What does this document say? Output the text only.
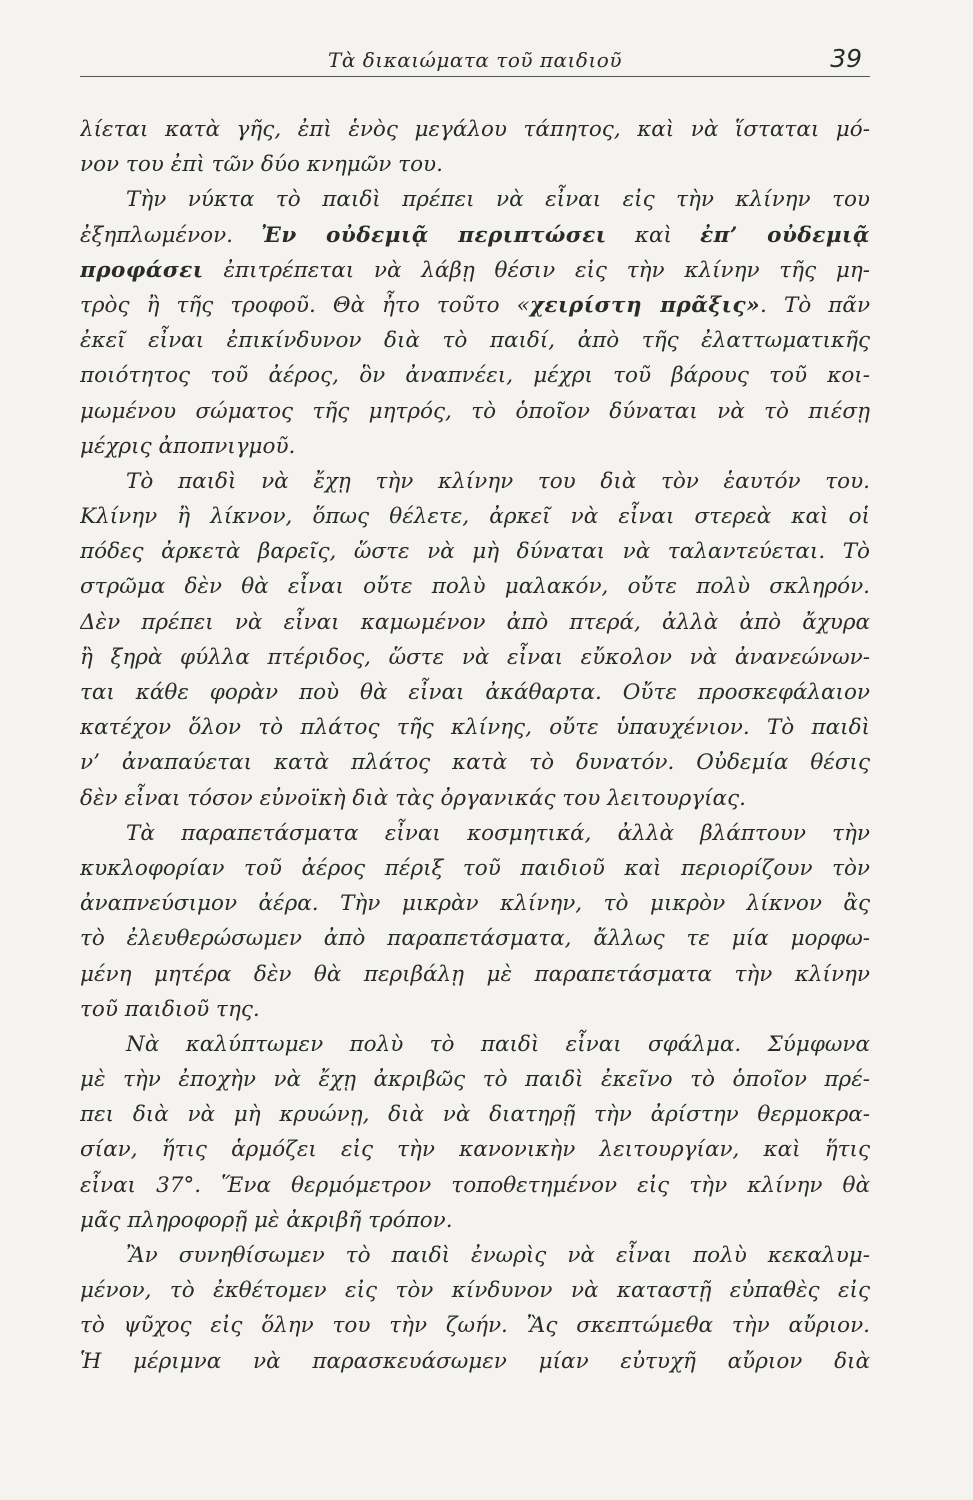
Τὰ δικαιώματα τοῦ παιδιοῦ	39
λίεται κατὰ γῆς, ἐπὶ ἑνὸς μεγάλου τάπητος, καὶ νὰ ἵσταται μό-
νον του ἐπὶ τῶν δύο κνημῶν του.
Τὴν νύκτα τὸ παιδὶ πρέπει νὰ εἶναι εἰς τὴν κλίνην του
ἐξηπλωμένον. Ἐν οὐδεμιᾷ περιπτώσει καὶ ἐπ’ οὐδεμιᾷ
προφάσει ἐπιτρέπεται νὰ λάβῃ θέσιν εἰς τὴν κλίνην τῆς μη-
τρὸς ἢ τῆς τροφοῦ. Θὰ ἦτο τοῦτο «χειρίστη πρᾶξις». Τὸ πᾶν
ἐκεῖ εἶναι ἐπικίνδυνον διὰ τὸ παιδί, ἀπὸ τῆς ἐλαττωματικῆς
ποιότητος τοῦ ἀέρος, ὃν ἀναπνέει, μέχρι τοῦ βάρους τοῦ κοι-
μωμένου σώματος τῆς μητρός, τὸ ὁποῖον δύναται νὰ τὸ πιέσῃ
μέχρις ἀποπνιγμοῦ.
Τὸ παιδὶ νὰ ἔχῃ τὴν κλίνην του διὰ τὸν ἑαυτόν του.
Κλίνην ἢ λίκνον, ὅπως θέλετε, ἀρκεῖ νὰ εἶναι στερεὰ καὶ οἱ
πόδες ἀρκετὰ βαρεῖς, ὥστε νὰ μὴ δύναται νὰ ταλαντεύεται. Τὸ
στρῶμα δὲν θὰ εἶναι οὔτε πολὺ μαλακόν, οὔτε πολὺ σκληρόν.
Δὲν πρέπει νὰ εἶναι καμωμένον ἀπὸ πτερά, ἀλλὰ ἀπὸ ἄχυρα
ἢ ξηρὰ φύλλα πτέριδος, ὥστε νὰ εἶναι εὔκολον νὰ ἀνανεώνων-
ται κάθε φορὰν ποὺ θὰ εἶναι ἀκάθαρτα. Οὔτε προσκεφάλαιον
κατέχον ὅλον τὸ πλάτος τῆς κλίνης, οὔτε ὑπαυχένιον. Τὸ παιδὶ
ν’ ἀναπαύεται κατὰ πλάτος κατὰ τὸ δυνατόν. Οὐδεμία θέσις
δὲν εἶναι τόσον εὐνοϊκὴ διὰ τὰς ὀργανικάς του λειτουργίας.
Τὰ παραπετάσματα εἶναι κοσμητικά, ἀλλὰ βλάπτουν τὴν
κυκλοφορίαν τοῦ ἀέρος πέριξ τοῦ παιδιοῦ καὶ περιορίζουν τὸν
ἀναπνεύσιμον ἀέρα. Τὴν μικρὰν κλίνην, τὸ μικρὸν λίκνον ἂς
τὸ ἐλευθερώσωμεν ἀπὸ παραπετάσματα, ἄλλως τε μία μορφω-
μένη μητέρα δὲν θὰ περιβάλῃ μὲ παραπετάσματα τὴν κλίνην
τοῦ παιδιοῦ της.
Νὰ καλύπτωμεν πολὺ τὸ παιδὶ εἶναι σφάλμα. Σύμφωνα
μὲ τὴν ἐποχὴν νὰ ἔχῃ ἀκριβῶς τὸ παιδὶ ἐκεῖνο τὸ ὁποῖον πρέ-
πει διὰ νὰ μὴ κρυώνῃ, διὰ νὰ διατηρῇ τὴν ἀρίστην θερμοκρα-
σίαν, ἥτις ἁρμόζει εἰς τὴν κανονικὴν λειτουργίαν, καὶ ἥτις
εἶναι 37°. Ἕνα θερμόμετρον τοποθετημένον εἰς τὴν κλίνην θὰ
μᾶς πληροφορῇ μὲ ἀκριβῆ τρόπον.
Ἂν συνηθίσωμεν τὸ παιδὶ ἐνωρὶς νὰ εἶναι πολὺ κεκαλυμ-
μένον, τὸ ἐκθέτομεν εἰς τὸν κίνδυνον νὰ καταστῇ εὐπαθὲς εἰς
τὸ ψῦχος εἰς ὅλην του τὴν ζωήν. Ἂς σκεπτώμεθα τὴν αὔριον.
Ἡ μέριμνα νὰ παρασκευάσωμεν μίαν εὐτυχῆ αὔριον διὰ
